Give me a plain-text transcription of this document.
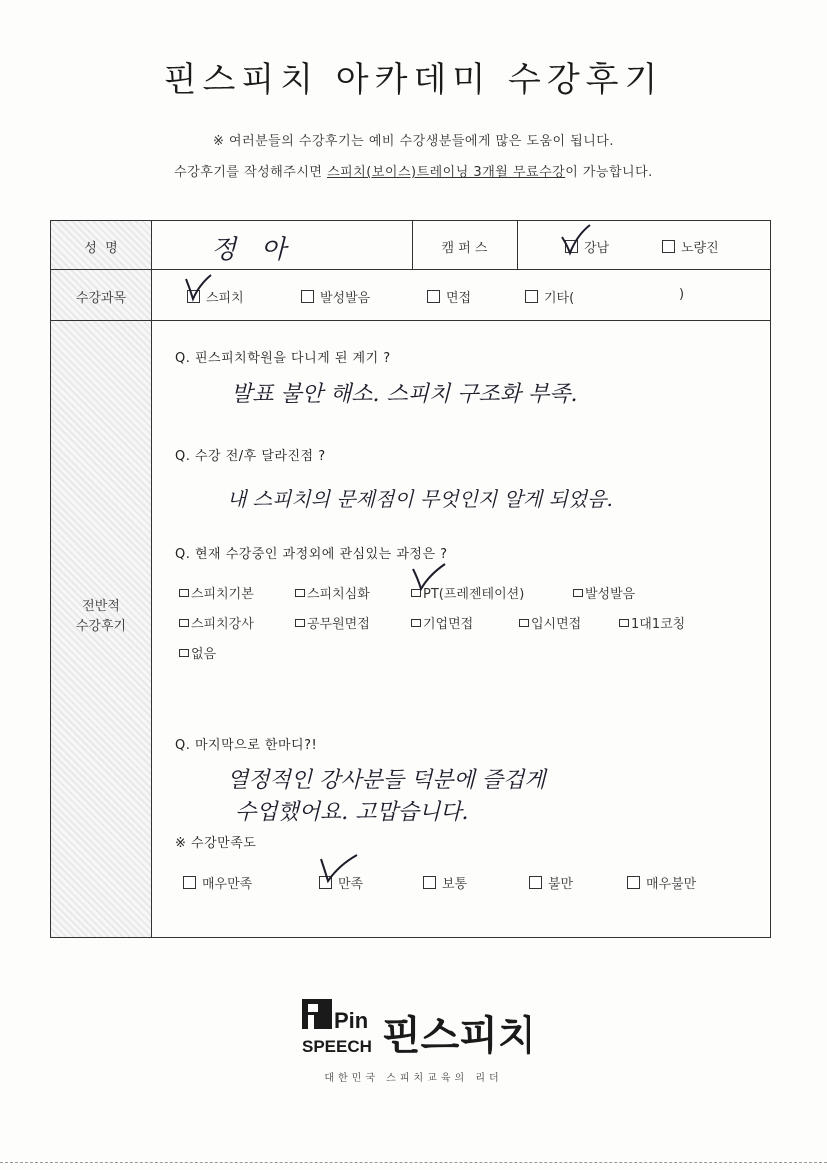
핀스피치 아카데미 수강후기
※ 여러분들의 수강후기는 예비 수강생분들에게 많은 도움이 됩니다.
수강후기를 작성해주시면 스피치(보이스)트레이닝 3개월 무료수강이 가능합니다.
성  명	정   아	캠 퍼 스	강남	노량진
수강과목	스피치	발성발음	면접	기타(	)
전반적
수강후기
Q. 핀스피치학원을 다니게 된 계기 ?
발표 불안 해소. 스피치 구조화 부족.
Q. 수강 전/후 달라진점 ?
내 스피치의 문제점이 무엇인지 알게 되었음.
Q. 현재 수강중인 과정외에 관심있는 과정은 ?
스피치기본	스피치심화	PT(프레젠테이션)	발성발음
스피치강사	공무원면접	기업면접	입시면접	1대1코칭
없음
Q. 마지막으로 한마디?!
열정적인 강사분들 덕분에 즐겁게
수업했어요. 고맙습니다.
※ 수강만족도
매우만족	만족	보통	불만	매우불만
Pin
SPEECH 핀스피치
대한민국 스피치교육의 리더
